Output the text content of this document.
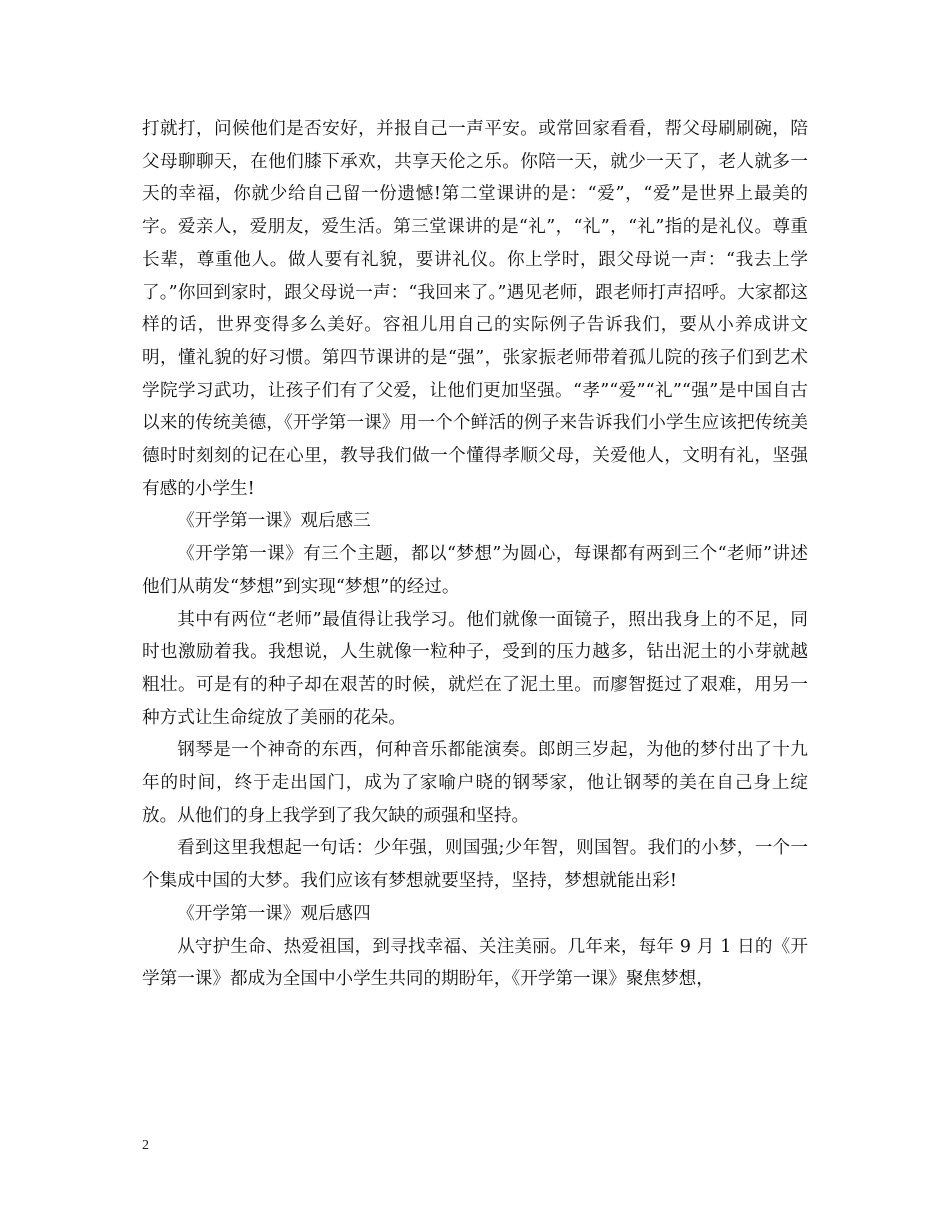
打就打，问候他们是否安好，并报自己一声平安。或常回家看看，帮父母刷刷碗，陪父母聊聊天，在他们膝下承欢，共享天伦之乐。你陪一天，就少一天了，老人就多一天的幸福，你就少给自己留一份遗憾!第二堂课讲的是：“爱”，“爱”是世界上最美的字。爱亲人，爱朋友，爱生活。第三堂课讲的是“礼”，“礼”，“礼”指的是礼仪。尊重长辈，尊重他人。做人要有礼貌，要讲礼仪。你上学时，跟父母说一声：“我去上学了。”你回到家时，跟父母说一声：“我回来了。”遇见老师，跟老师打声招呼。大家都这样的话，世界变得多么美好。容祖儿用自己的实际例子告诉我们，要从小养成讲文明，懂礼貌的好习惯。第四节课讲的是“强”，张家振老师带着孤儿院的孩子们到艺术学院学习武功，让孩子们有了父爱，让他们更加坚强。“孝”“爱”“礼”“强”是中国自古以来的传统美德，《开学第一课》用一个个鲜活的例子来告诉我们小学生应该把传统美德时时刻刻的记在心里，教导我们做一个懂得孝顺父母，关爱他人，文明有礼，坚强有感的小学生!

《开学第一课》观后感三

《开学第一课》有三个主题，都以“梦想”为圆心，每课都有两到三个“老师”讲述他们从萌发“梦想”到实现“梦想”的经过。

其中有两位“老师”最值得让我学习。他们就像一面镜子，照出我身上的不足，同时也激励着我。我想说，人生就像一粒种子，受到的压力越多，钻出泥土的小芽就越粗壮。可是有的种子却在艰苦的时候，就烂在了泥土里。而廖智挺过了艰难，用另一种方式让生命绽放了美丽的花朵。

钢琴是一个神奇的东西，何种音乐都能演奏。郎朗三岁起，为他的梦付出了十九年的时间，终于走出国门，成为了家喻户晓的钢琴家，他让钢琴的美在自己身上绽放。从他们的身上我学到了我欠缺的顽强和坚持。

看到这里我想起一句话：少年强，则国强;少年智，则国智。我们的小梦，一个一个集成中国的大梦。我们应该有梦想就要坚持，坚持，梦想就能出彩!

《开学第一课》观后感四

从守护生命、热爱祖国，到寻找幸福、关注美丽。几年来，每年 9 月 1 日的《开学第一课》都成为全国中小学生共同的期盼年，《开学第一课》聚焦梦想，

2
